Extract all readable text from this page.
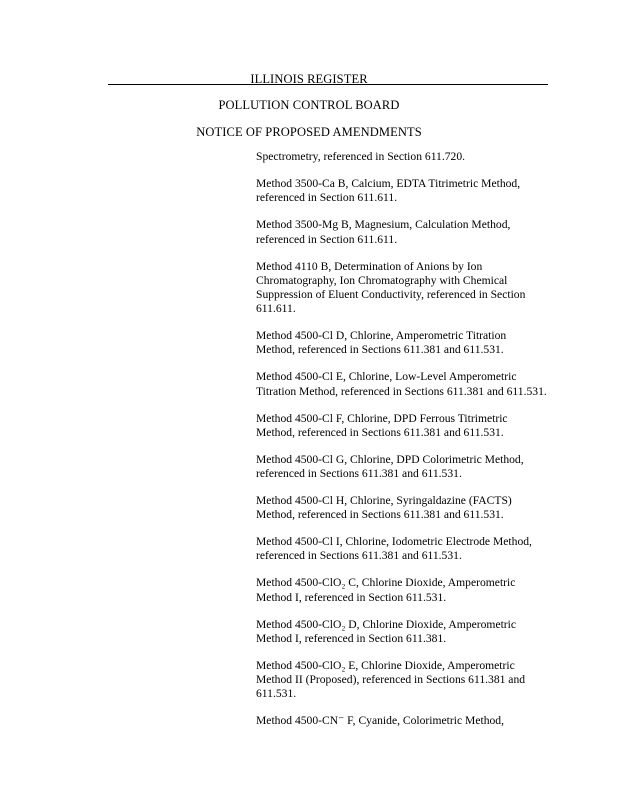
ILLINOIS REGISTER
POLLUTION CONTROL BOARD
NOTICE OF PROPOSED AMENDMENTS

Spectrometry, referenced in Section 611.720.

Method 3500-Ca B, Calcium, EDTA Titrimetric Method, referenced in Section 611.611.

Method 3500-Mg B, Magnesium, Calculation Method, referenced in Section 611.611.

Method 4110 B, Determination of Anions by Ion Chromatography, Ion Chromatography with Chemical Suppression of Eluent Conductivity, referenced in Section 611.611.

Method 4500-Cl D, Chlorine, Amperometric Titration Method, referenced in Sections 611.381 and 611.531.

Method 4500-Cl E, Chlorine, Low-Level Amperometric Titration Method, referenced in Sections 611.381 and 611.531.

Method 4500-Cl F, Chlorine, DPD Ferrous Titrimetric Method, referenced in Sections 611.381 and 611.531.

Method 4500-Cl G, Chlorine, DPD Colorimetric Method, referenced in Sections 611.381 and 611.531.

Method 4500-Cl H, Chlorine, Syringaldazine (FACTS) Method, referenced in Sections 611.381 and 611.531.

Method 4500-Cl I, Chlorine, Iodometric Electrode Method, referenced in Sections 611.381 and 611.531.

Method 4500-ClO₂ C, Chlorine Dioxide, Amperometric Method I, referenced in Section 611.531.

Method 4500-ClO₂ D, Chlorine Dioxide, Amperometric Method I, referenced in Section 611.381.

Method 4500-ClO₂ E, Chlorine Dioxide, Amperometric Method II (Proposed), referenced in Sections 611.381 and 611.531.

Method 4500-CN⁻ F, Cyanide, Colorimetric Method,
